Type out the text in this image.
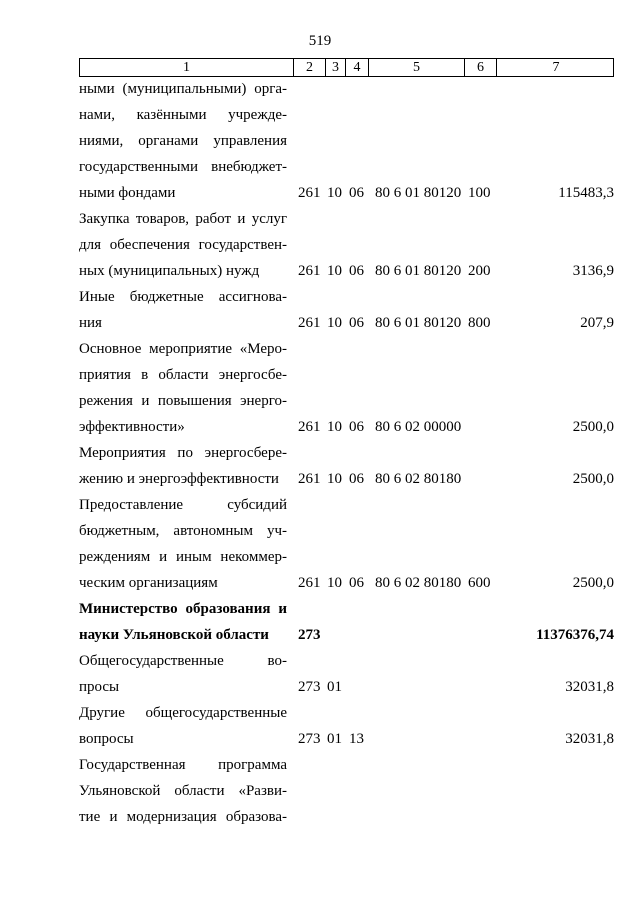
519
1	2	3	4	5	6	7
ными (муниципальными) орга-
нами, казёнными учрежде-
ниями, органами управления
государственными внебюджет-
ными фондами	261 10 06 80 6 01 80120 100	115483,3
Закупка товаров, работ и услуг
для обеспечения государствен-
ных (муниципальных) нужд	261 10 06 80 6 01 80120 200	3136,9
Иные бюджетные ассигнова-
ния	261 10 06 80 6 01 80120 800	207,9
Основное мероприятие «Меро-
приятия в области энергосбе-
режения и повышения энерго-
эффективности»	261 10 06 80 6 02 00000	2500,0
Мероприятия по энергосбере-
жению и энергоэффективности	261 10 06 80 6 02 80180	2500,0
Предоставление субсидий
бюджетным, автономным уч-
реждениям и иным некоммер-
ческим организациям	261 10 06 80 6 02 80180 600	2500,0
Министерство образования и
науки Ульяновской области	273	11376376,74
Общегосударственные во-
просы	273 01	32031,8
Другие общегосударственные
вопросы	273 01 13	32031,8
Государственная программа
Ульяновской области «Разви-
тие и модернизация образова-
